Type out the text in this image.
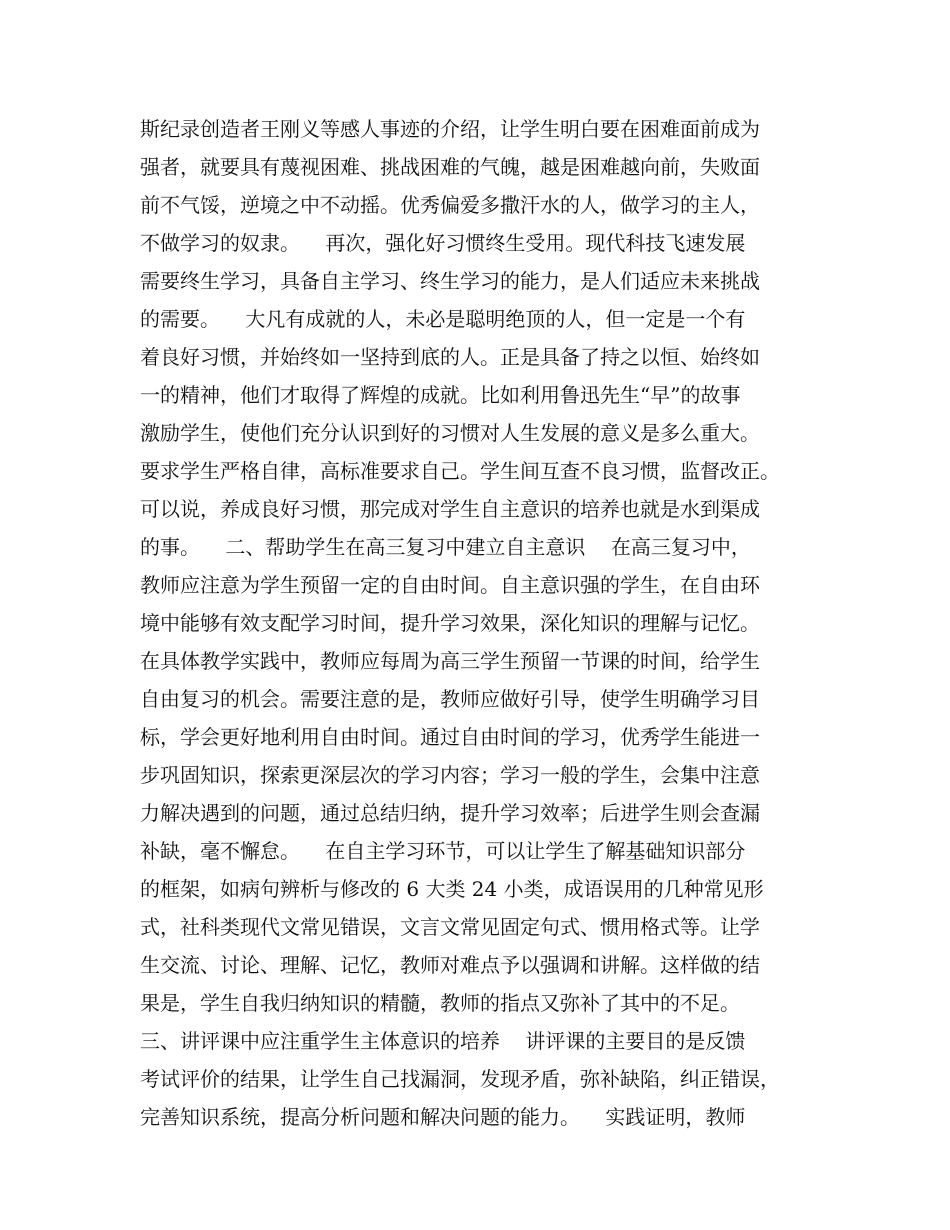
斯纪录创造者王刚义等感人事迹的介绍，让学生明白要在困难面前成为
强者，就要具有蔑视困难、挑战困难的气魄，越是困难越向前，失败面
前不气馁，逆境之中不动摇。优秀偏爱多撒汗水的人，做学习的主人，
不做学习的奴隶。    再次，强化好习惯终生受用。现代科技飞速发展
需要终生学习，具备自主学习、终生学习的能力，是人们适应未来挑战
的需要。    大凡有成就的人，未必是聪明绝顶的人，但一定是一个有
着良好习惯，并始终如一坚持到底的人。正是具备了持之以恒、始终如
一的精神，他们才取得了辉煌的成就。比如利用鲁迅先生“早”的故事
激励学生，使他们充分认识到好的习惯对人生发展的意义是多么重大。
要求学生严格自律，高标准要求自己。学生间互查不良习惯，监督改正。
可以说，养成良好习惯，那完成对学生自主意识的培养也就是水到渠成
的事。    二、帮助学生在高三复习中建立自主意识    在高三复习中，
教师应注意为学生预留一定的自由时间。自主意识强的学生，在自由环
境中能够有效支配学习时间，提升学习效果，深化知识的理解与记忆。
在具体教学实践中，教师应每周为高三学生预留一节课的时间，给学生
自由复习的机会。需要注意的是，教师应做好引导，使学生明确学习目
标，学会更好地利用自由时间。通过自由时间的学习，优秀学生能进一
步巩固知识，探索更深层次的学习内容；学习一般的学生，会集中注意
力解决遇到的问题，通过总结归纳，提升学习效率；后进学生则会查漏
补缺，毫不懈怠。    在自主学习环节，可以让学生了解基础知识部分
的框架，如病句辨析与修改的 6 大类 24 小类，成语误用的几种常见形
式，社科类现代文常见错误，文言文常见固定句式、惯用格式等。让学
生交流、讨论、理解、记忆，教师对难点予以强调和讲解。这样做的结
果是，学生自我归纳知识的精髓，教师的指点又弥补了其中的不足。
三、讲评课中应注重学生主体意识的培养    讲评课的主要目的是反馈
考试评价的结果，让学生自己找漏洞，发现矛盾，弥补缺陷，纠正错误，
完善知识系统，提高分析问题和解决问题的能力。    实践证明，教师
